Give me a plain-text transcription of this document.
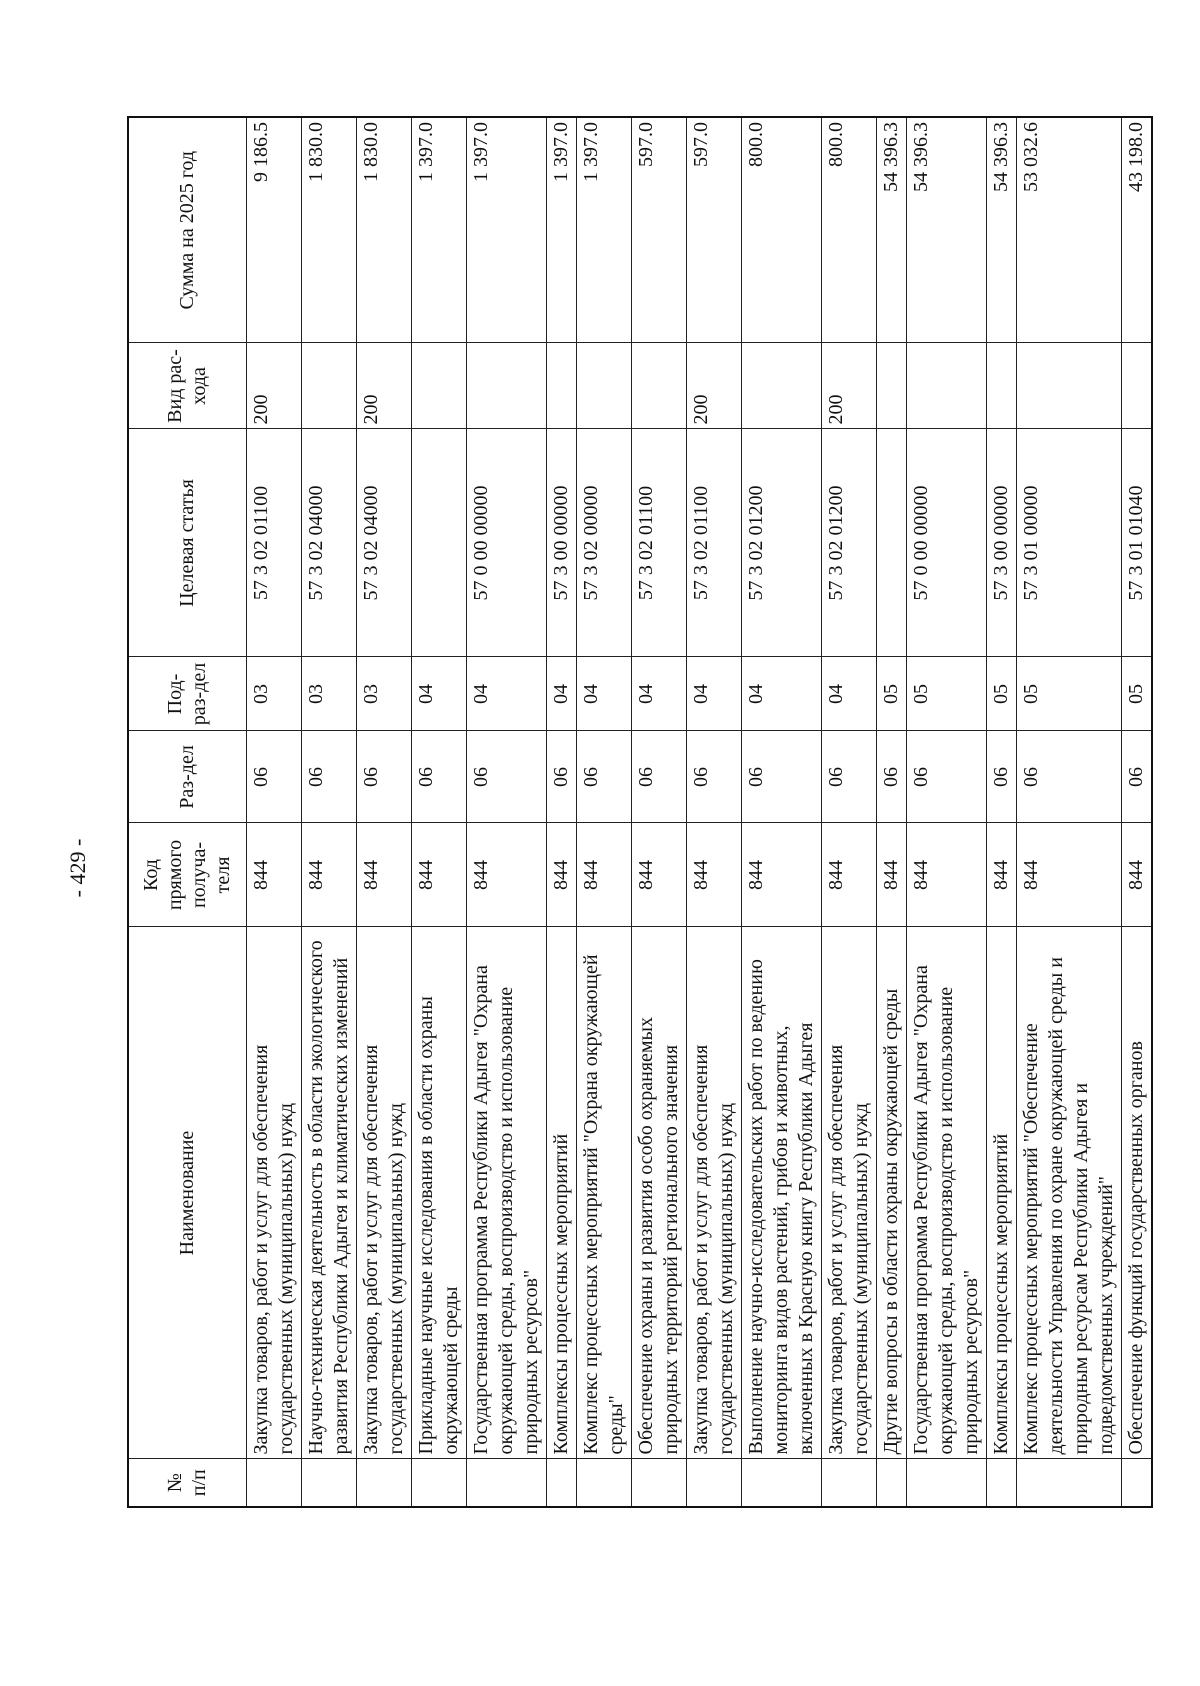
- 429 -
№ п/п	Наименование	Код прямого получа-теля	Раз-дел	Под-раз-дел	Целевая статья	Вид рас-хода	Сумма на 2025 год
	Закупка товаров, работ и услуг для обеспечения государственных (муниципальных) нужд	844	06	03	57 3 02 01100	200	9 186.5
	Научно-техническая деятельность в области экологического развития Республики Адыгея и климатических изменений	844	06	03	57 3 02 04000		1 830.0
	Закупка товаров, работ и услуг для обеспечения государственных (муниципальных) нужд	844	06	03	57 3 02 04000	200	1 830.0
	Прикладные научные исследования в области охраны окружающей среды	844	06	04			1 397.0
	Государственная программа Республики Адыгея "Охрана окружающей среды, воспроизводство и использование природных ресурсов"	844	06	04	57 0 00 00000		1 397.0
	Комплексы процессных мероприятий	844	06	04	57 3 00 00000		1 397.0
	Комплекс процессных мероприятий "Охрана окружающей среды"	844	06	04	57 3 02 00000		1 397.0
	Обеспечение охраны и развития особо охраняемых природных территорий регионального значения	844	06	04	57 3 02 01100		597.0
	Закупка товаров, работ и услуг для обеспечения государственных (муниципальных) нужд	844	06	04	57 3 02 01100	200	597.0
	Выполнение научно-исследовательских работ по ведению мониторинга видов растений, грибов и животных, включенных в Красную книгу Республики Адыгея	844	06	04	57 3 02 01200		800.0
	Закупка товаров, работ и услуг для обеспечения государственных (муниципальных) нужд	844	06	04	57 3 02 01200	200	800.0
	Другие вопросы в области охраны окружающей среды	844	06	05			54 396.3
	Государственная программа Республики Адыгея "Охрана окружающей среды, воспроизводство и использование природных ресурсов"	844	06	05	57 0 00 00000		54 396.3
	Комплексы процессных мероприятий	844	06	05	57 3 00 00000		54 396.3
	Комплекс процессных мероприятий "Обеспечение деятельности Управления по охране окружающей среды и природным ресурсам Республики Адыгея и подведомственных учреждений"	844	06	05	57 3 01 00000		53 032.6
	Обеспечение функций государственных органов	844	06	05	57 3 01 01040		43 198.0
